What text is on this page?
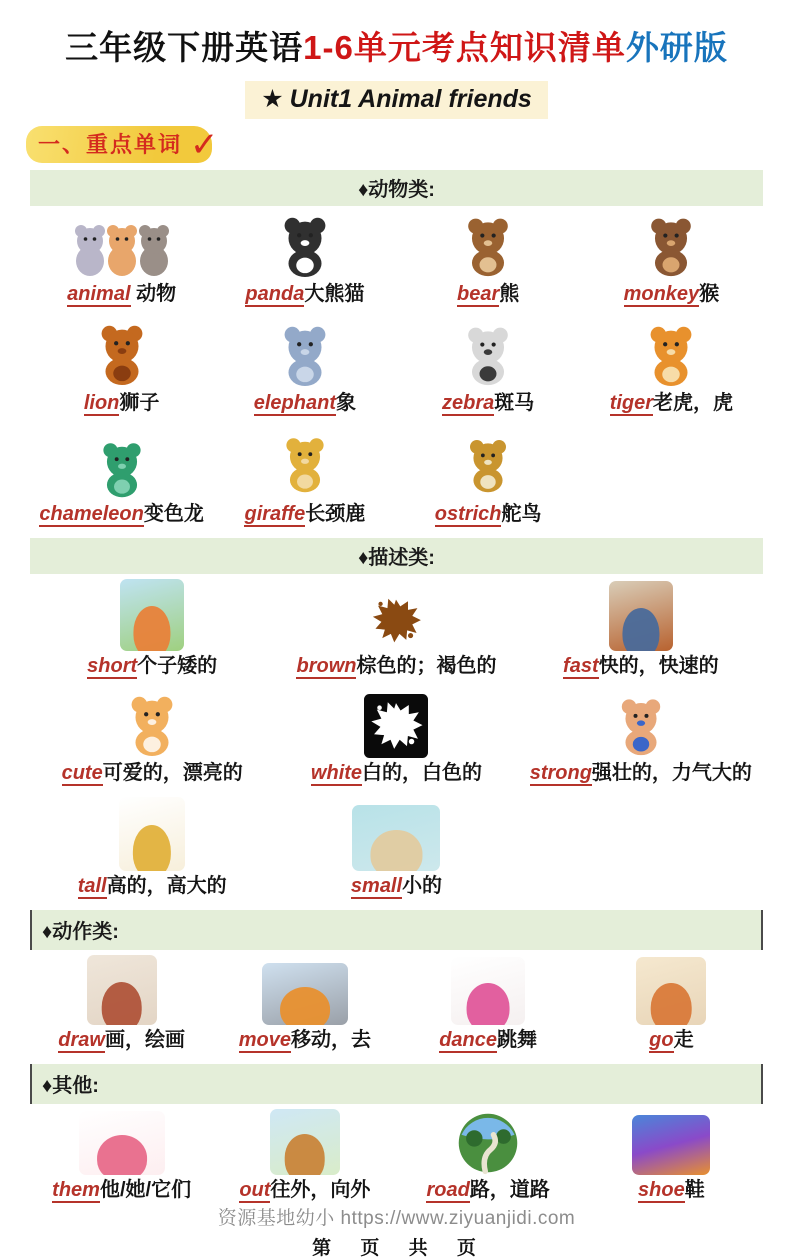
三年级下册英语1-6单元考点知识清单外研版
★ Unit1 Animal friends
一、重点单词 ✓
♦动物类:
animal 动物	panda大熊猫	bear熊	monkey猴
lion狮子	elephant象	zebra斑马	tiger老虎，虎
chameleon变色龙 giraffe长颈鹿	ostrich舵鸟
♦描述类:
short个子矮的	brown棕色的；褐色的	fast快的，快速的
cute可爱的，漂亮的	white白的，白色的 strong强壮的，力气大的
tall高的，高大的	small小的
♦动作类:
draw画，绘画	move移动，去	dance跳舞	go走
♦其他:
them他/她/它们 out往外，向外	road路，道路	shoe鞋
资源基地幼小 https://www.ziyuanjidi.com
第 页 共 页
